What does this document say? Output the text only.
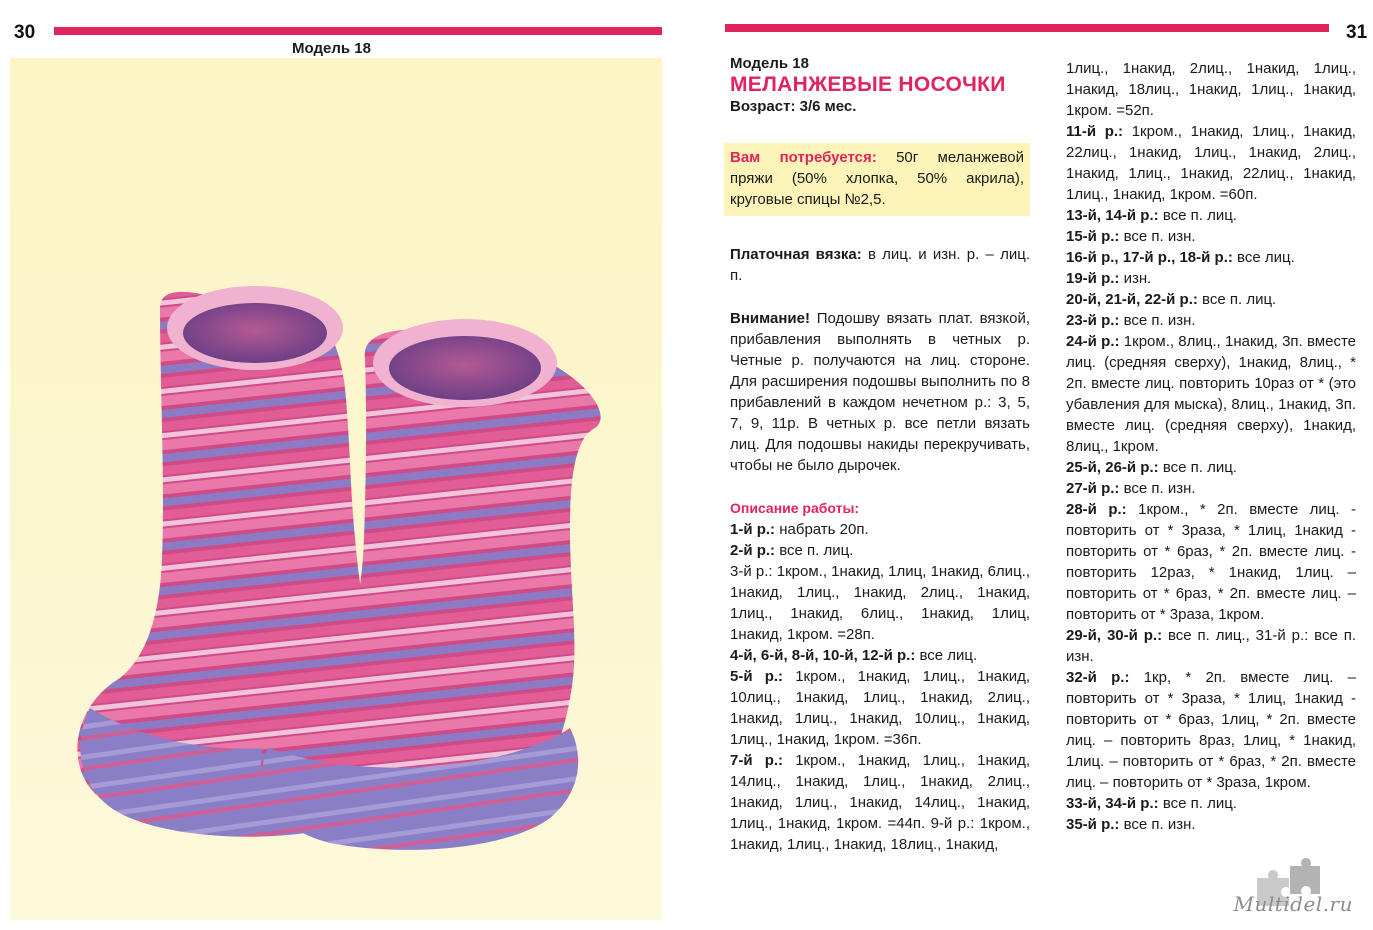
30
Модель 18
31
Модель 18
МЕЛАНЖЕВЫЕ НОСОЧКИ
Возраст: 3/6 мес.
Вам потребуется: 50г меланжевой пряжи (50% хлопка, 50% акрила), круговые спицы №2,5.

Платочная вязка: в лиц. и изн. р. – лиц. п.

Внимание! Подошву вязать плат. вязкой, прибавления выполнять в четных р. Четные р. получаются на лиц. стороне. Для расширения подошвы выполнить по 8 прибавлений в каждом нечетном р.: 3, 5, 7, 9, 11р. В четных р. все петли вязать лиц. Для подошвы накиды перекручивать, чтобы не было дырочек.

Описание работы:

1-й р.: набрать 20п.

2-й р.: все п. лиц.

3-й р.: 1кром., 1накид, 1лиц, 1накид, 6лиц., 1накид, 1лиц., 1накид, 2лиц., 1накид, 1лиц., 1накид, 6лиц., 1накид, 1лиц, 1накид, 1кром. =28п.

4-й, 6-й, 8-й, 10-й, 12-й р.: все лиц.

5-й р.: 1кром., 1накид, 1лиц., 1накид, 10лиц., 1накид, 1лиц., 1накид, 2лиц., 1накид, 1лиц., 1накид, 10лиц., 1накид, 1лиц., 1накид, 1кром. =36п.

7-й р.: 1кром., 1накид, 1лиц., 1накид, 14лиц., 1накид, 1лиц., 1накид, 2лиц., 1накид, 1лиц., 1накид, 14лиц., 1накид, 1лиц., 1накид, 1кром. =44п. 9-й р.: 1кром., 1накид, 1лиц., 1накид, 18лиц., 1накид,

1лиц., 1накид, 2лиц., 1накид, 1лиц., 1накид, 18лиц., 1накид, 1лиц., 1накид, 1кром. =52п.

11-й р.: 1кром., 1накид, 1лиц., 1накид, 22лиц., 1накид, 1лиц., 1накид, 2лиц., 1накид, 1лиц., 1накид, 22лиц., 1накид, 1лиц., 1накид, 1кром. =60п.

13-й, 14-й р.: все п. лиц.

15-й р.: все п. изн.

16-й р., 17-й р., 18-й р.: все лиц.

19-й р.: изн.

20-й, 21-й, 22-й р.: все п. лиц.

23-й р.: все п. изн.

24-й р.: 1кром., 8лиц., 1накид, 3п. вместе лиц. (средняя сверху), 1накид, 8лиц., * 2п. вместе лиц. повторить 10раз от * (это убавления для мыска), 8лиц., 1накид, 3п. вместе лиц. (средняя сверху), 1накид, 8лиц., 1кром.

25-й, 26-й р.: все п. лиц.

27-й р.: все п. изн.

28-й р.: 1кром., * 2п. вместе лиц. - повторить от * 3раза, * 1лиц, 1накид - повторить от * 6раз, * 2п. вместе лиц. - повторить 12раз, * 1накид, 1лиц. – повторить от * 6раз, * 2п. вместе лиц. – повторить от * 3раза, 1кром.

29-й, 30-й р.: все п. лиц., 31-й р.: все п. изн.

32-й р.: 1кр, * 2п. вместе лиц. – повторить от * 3раза, * 1лиц, 1накид - повторить от * 6раз, 1лиц, * 2п. вместе лиц. – повторить 8раз, 1лиц, * 1накид, 1лиц. – повторить от * 6раз, * 2п. вместе лиц. – повторить от * 3раза, 1кром.

33-й, 34-й р.: все п. лиц.

35-й р.: все п. изн.

Multidel.ru
